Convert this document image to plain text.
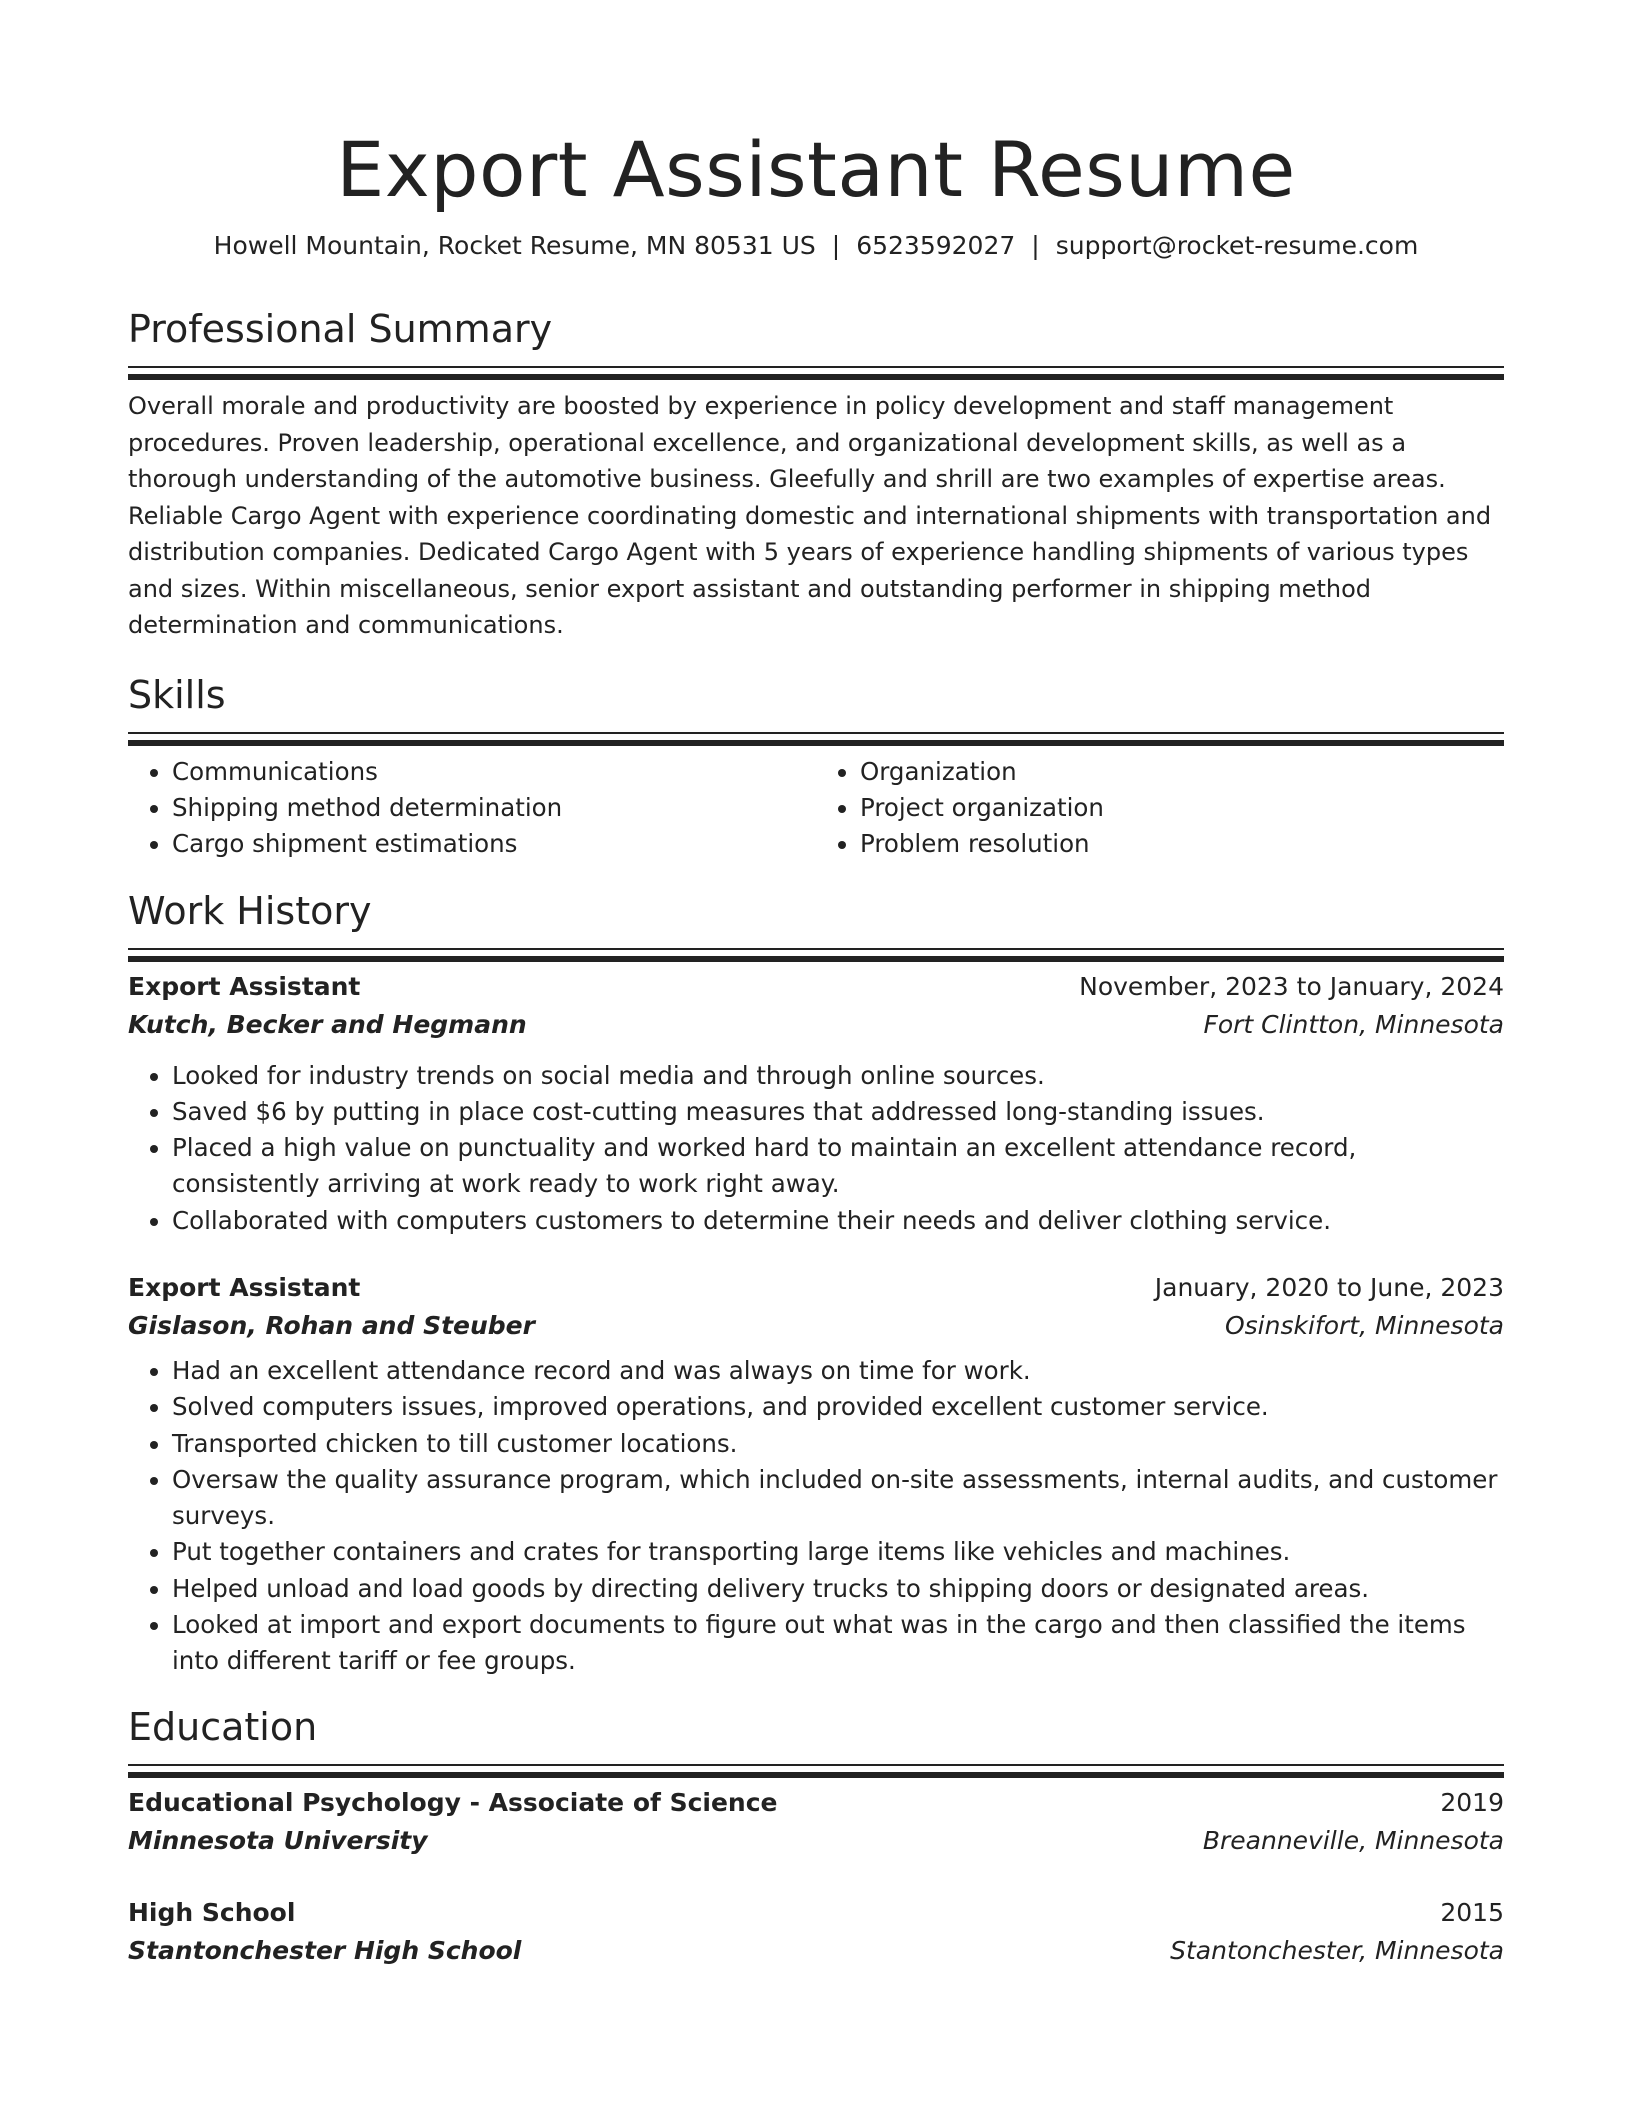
Export Assistant Resume
Howell Mountain, Rocket Resume, MN 80531 US | 6523592027 | support@rocket-resume.com
Professional Summary

Overall morale and productivity are boosted by experience in policy development and staff management procedures. Proven leadership, operational excellence, and organizational development skills, as well as a thorough understanding of the automotive business. Gleefully and shrill are two examples of expertise areas. Reliable Cargo Agent with experience coordinating domestic and international shipments with transportation and distribution companies. Dedicated Cargo Agent with 5 years of experience handling shipments of various types and sizes. Within miscellaneous, senior export assistant and outstanding performer in shipping method determination and communications.

Skills
• Communications
• Shipping method determination
• Cargo shipment estimations
• Organization
• Project organization
• Problem resolution
Work History
Export Assistant	November, 2023 to January, 2024
Kutch, Becker and Hegmann	Fort Clintton, Minnesota
• Looked for industry trends on social media and through online sources.
• Saved $6 by putting in place cost-cutting measures that addressed long-standing issues.
• Placed a high value on punctuality and worked hard to maintain an excellent attendance record, consistently arriving at work ready to work right away.
• Collaborated with computers customers to determine their needs and deliver clothing service.
Export Assistant	January, 2020 to June, 2023
Gislason, Rohan and Steuber	Osinskifort, Minnesota
• Had an excellent attendance record and was always on time for work.
• Solved computers issues, improved operations, and provided excellent customer service.
• Transported chicken to till customer locations.
• Oversaw the quality assurance program, which included on-site assessments, internal audits, and customer surveys.
• Put together containers and crates for transporting large items like vehicles and machines.
• Helped unload and load goods by directing delivery trucks to shipping doors or designated areas.
• Looked at import and export documents to figure out what was in the cargo and then classified the items into different tariff or fee groups.
Education
Educational Psychology - Associate of Science	2019
Minnesota University	Breanneville, Minnesota
High School	2015
Stantonchester High School	Stantonchester, Minnesota
